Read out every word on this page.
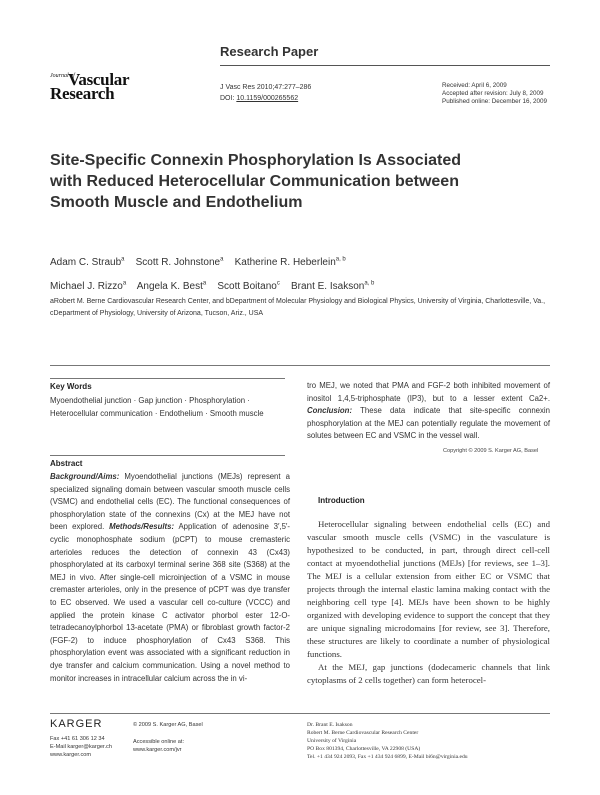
Journal of
Vascular
Research
Research Paper
J Vasc Res 2010;47:277–286
DOI: 10.1159/000265562
Received: April 6, 2009
Accepted after revision: July 8, 2009
Published online: December 16, 2009
Site-Specific Connexin Phosphorylation Is Associated with Reduced Heterocellular Communication between Smooth Muscle and Endothelium
Adam C. Straub$^a$ Scott R. Johnstone$^a$ Katherine R. Heberlein$^{a, b}$
Michael J. Rizzo$^a$ Angela K. Best$^a$ Scott Boitano$^c$ Brant E. Isakson$^{a, b}$
aRobert M. Berne Cardiovascular Research Center, and bDepartment of Molecular Physiology and Biological Physics, University of Virginia, Charlottesville, Va., cDepartment of Physiology, University of Arizona, Tucson, Ariz., USA
Key Words
Myoendothelial junction · Gap junction · Phosphorylation · Heterocellular communication · Endothelium · Smooth muscle
Abstract
Background/Aims: Myoendothelial junctions (MEJs) represent a specialized signaling domain between vascular smooth muscle cells (VSMC) and endothelial cells (EC). The functional consequences of phosphorylation state of the connexins (Cx) at the MEJ have not been explored. Methods/Results: Application of adenosine 3′,5′-cyclic monophosphate sodium (pCPT) to mouse cremasteric arterioles reduces the detection of connexin 43 (Cx43) phosphorylated at its carboxyl terminal serine 368 site (S368) at the MEJ in vivo. After single-cell microinjection of a VSMC in mouse cremaster arterioles, only in the presence of pCPT was dye transfer to EC observed. We used a vascular cell co-culture (VCCC) and applied the protein kinase C activator phorbol ester 12-O-tetradecanoylphorbol 13-acetate (PMA) or fibroblast growth factor-2 (FGF-2) to induce phosphorylation of Cx43 S368. This phosphorylation event was associated with a significant reduction in dye transfer and calcium communication. Using a novel method to monitor increases in intracellular calcium across the in vi-
tro MEJ, we noted that PMA and FGF-2 both inhibited movement of inositol 1,4,5-triphosphate (IP3), but to a lesser extent Ca2+. Conclusion: These data indicate that site-specific connexin phosphorylation at the MEJ can potentially regulate the movement of solutes between EC and VSMC in the vessel wall.
Copyright © 2009 S. Karger AG, Basel
Introduction

Heterocellular signaling between endothelial cells (EC) and vascular smooth muscle cells (VSMC) in the vasculature is hypothesized to be conducted, in part, through direct cell-cell contact at myoendothelial junctions (MEJs) [for reviews, see 1–3]. The MEJ is a cellular extension from either EC or VSMC that projects through the internal elastic lamina making contact with the neighboring cell type [4]. MEJs have been shown to be highly organized with developing evidence to support the concept that they are unique signaling microdomains [for review, see 3]. Therefore, these structures are likely to coordinate a number of physiological functions.

At the MEJ, gap junctions (dodecameric channels that link cytoplasms of 2 cells together) can form heterocel-

KARGER
Fax +41 61 306 12 34
E-Mail karger@karger.ch
www.karger.com
© 2009 S. Karger AG, Basel
Accessible online at:
www.karger.com/jvr
Dr. Brant E. Isakson
Robert M. Berne Cardiovascular Research Center
University of Virginia
PO Box 801394, Charlottesville, VA 22908 (USA)
Tel. +1 434 924 2093, Fax +1 434 924 6899, E-Mail bi6n@virginia.edu
